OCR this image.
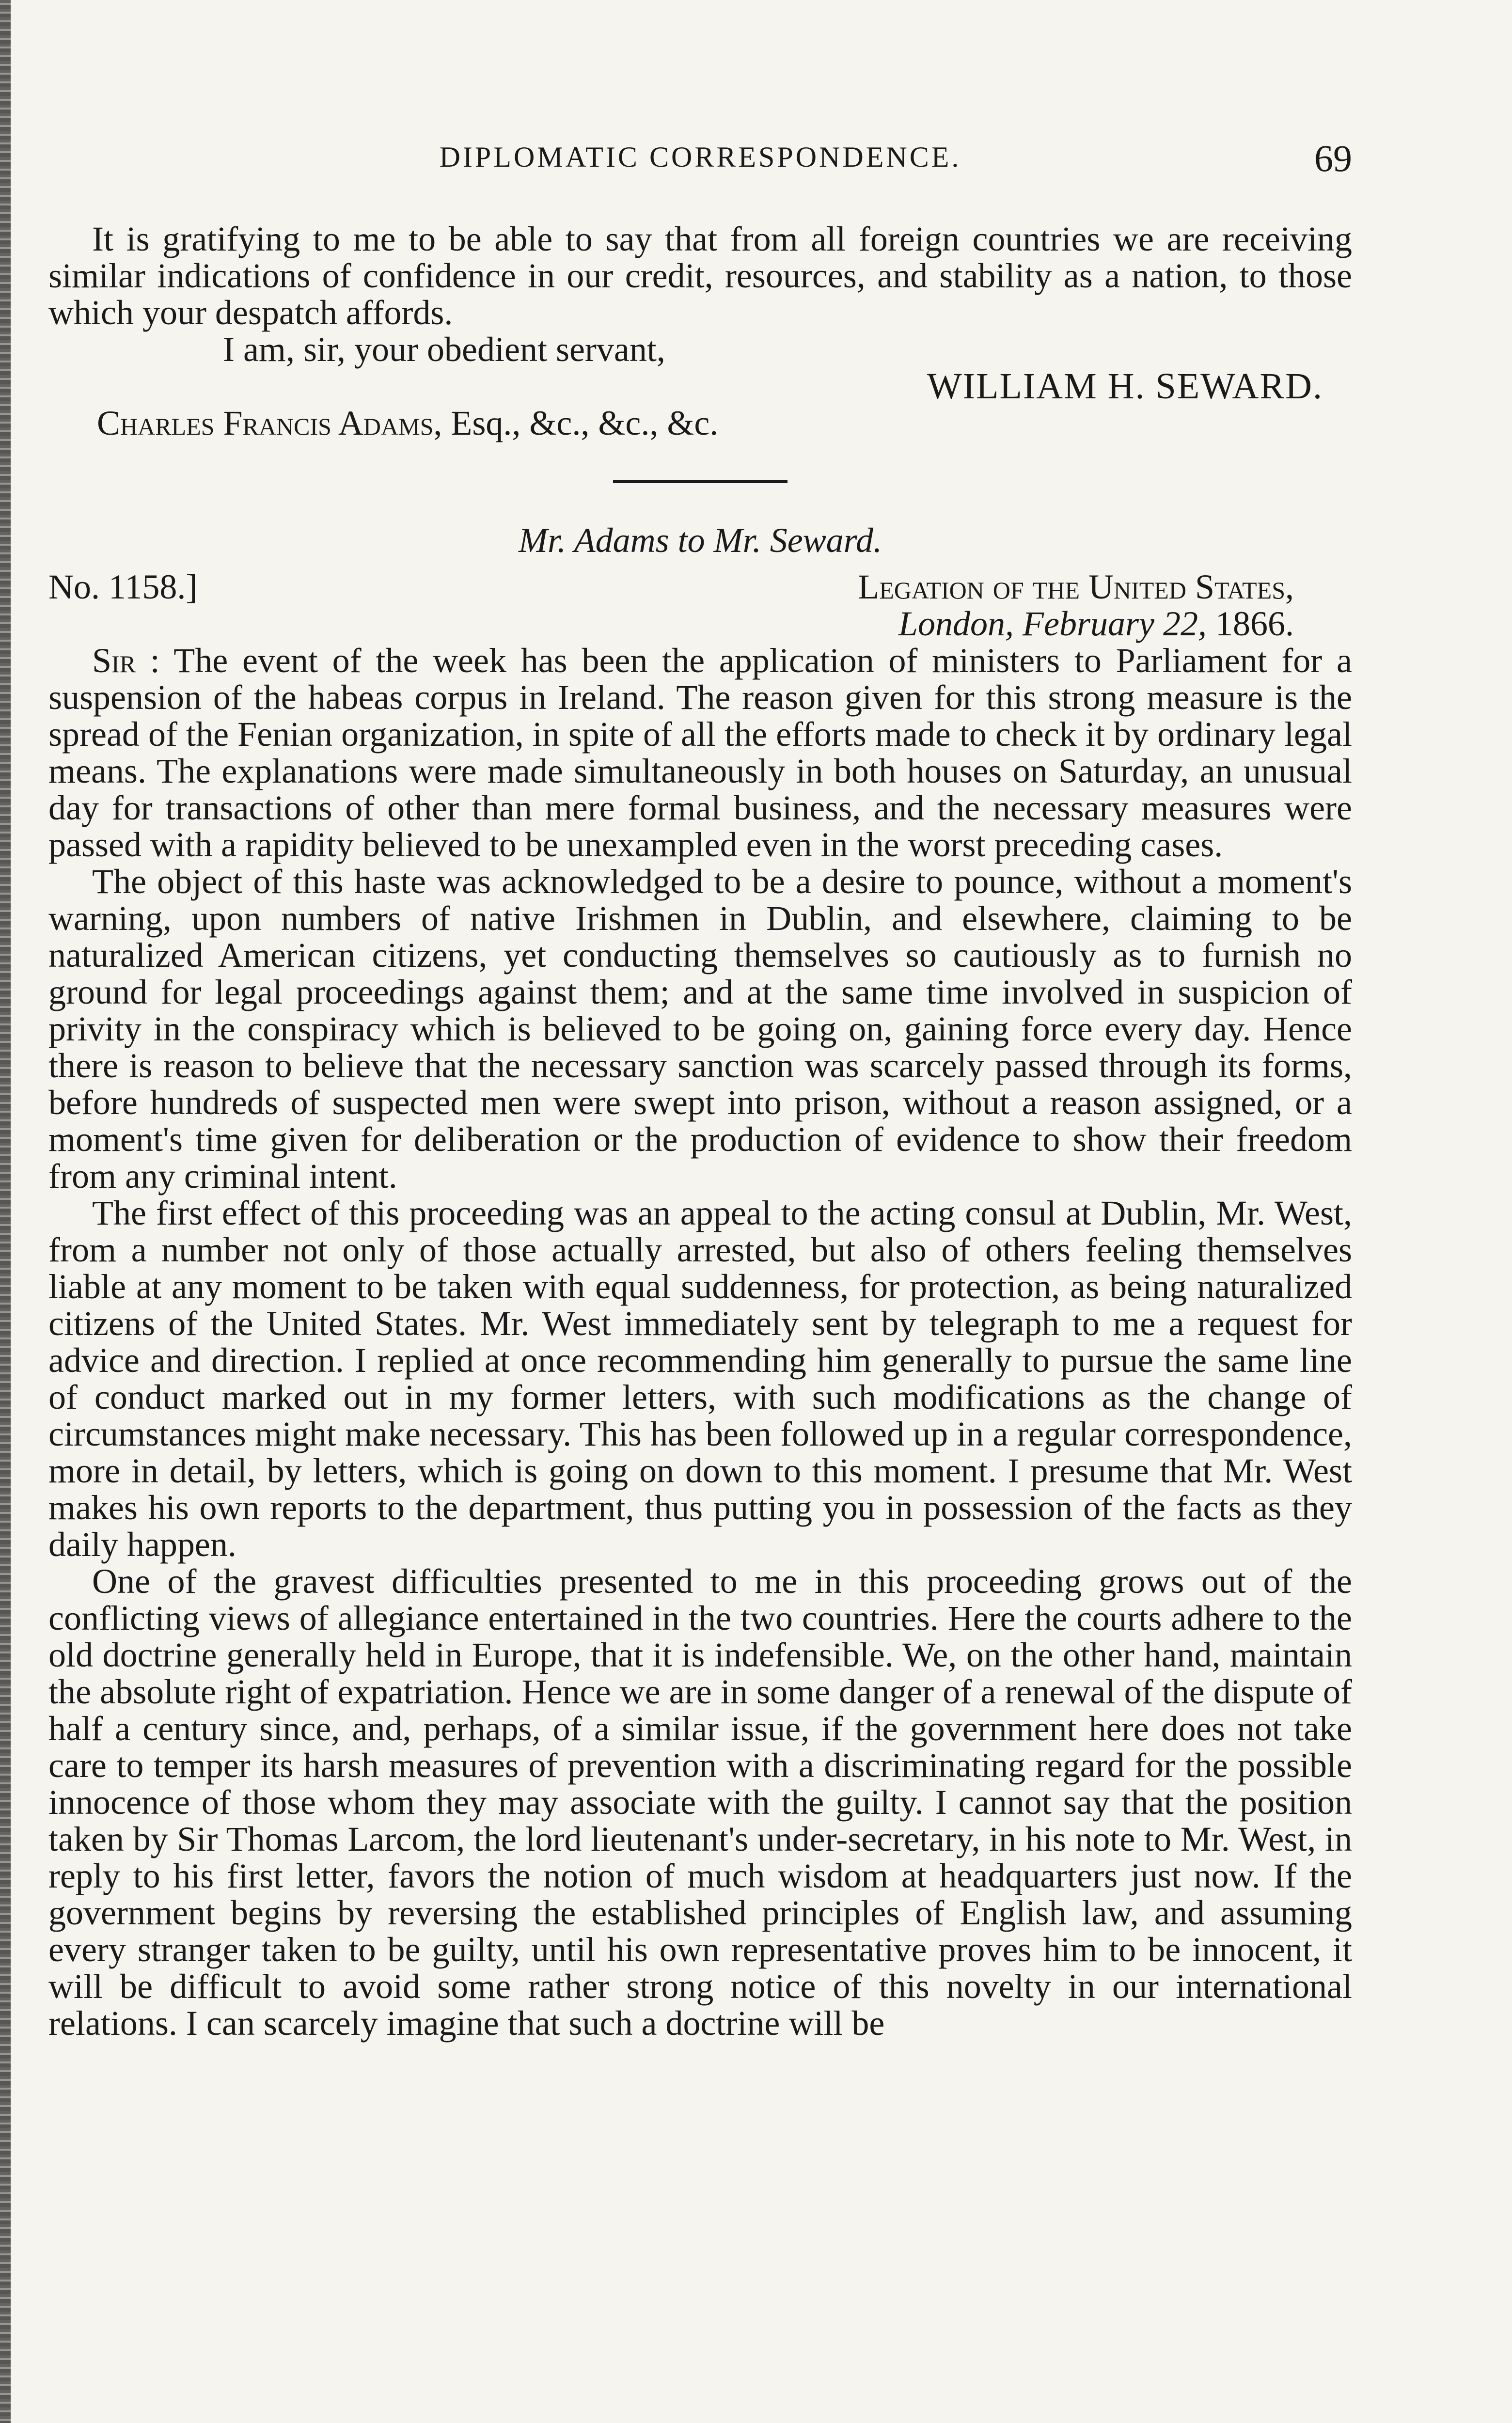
DIPLOMATIC CORRESPONDENCE.	69

It is gratifying to me to be able to say that from all foreign countries we are receiving similar indications of confidence in our credit, resources, and stability as a nation, to those which your despatch affords.

I am, sir, your obedient servant,

WILLIAM H. SEWARD.
Charles Francis Adams, Esq., &c., &c., &c.
Mr. Adams to Mr. Seward.
No. 1158.]	Legation of the United States,
London, February 22, 1866.

Sir : The event of the week has been the application of ministers to Parliament for a suspension of the habeas corpus in Ireland. The reason given for this strong measure is the spread of the Fenian organization, in spite of all the efforts made to check it by ordinary legal means. The explanations were made simultaneously in both houses on Saturday, an unusual day for transactions of other than mere formal business, and the necessary measures were passed with a rapidity believed to be unexampled even in the worst preceding cases.

The object of this haste was acknowledged to be a desire to pounce, without a moment's warning, upon numbers of native Irishmen in Dublin, and elsewhere, claiming to be naturalized American citizens, yet conducting themselves so cautiously as to furnish no ground for legal proceedings against them; and at the same time involved in suspicion of privity in the conspiracy which is believed to be going on, gaining force every day. Hence there is reason to believe that the necessary sanction was scarcely passed through its forms, before hundreds of suspected men were swept into prison, without a reason assigned, or a moment's time given for deliberation or the production of evidence to show their freedom from any criminal intent.

The first effect of this proceeding was an appeal to the acting consul at Dublin, Mr. West, from a number not only of those actually arrested, but also of others feeling themselves liable at any moment to be taken with equal suddenness, for protection, as being naturalized citizens of the United States. Mr. West immediately sent by telegraph to me a request for advice and direction. I replied at once recommending him generally to pursue the same line of conduct marked out in my former letters, with such modifications as the change of circumstances might make necessary. This has been followed up in a regular correspondence, more in detail, by letters, which is going on down to this moment. I presume that Mr. West makes his own reports to the department, thus putting you in possession of the facts as they daily happen.

One of the gravest difficulties presented to me in this proceeding grows out of the conflicting views of allegiance entertained in the two countries. Here the courts adhere to the old doctrine generally held in Europe, that it is indefensible. We, on the other hand, maintain the absolute right of expatriation. Hence we are in some danger of a renewal of the dispute of half a century since, and, perhaps, of a similar issue, if the government here does not take care to temper its harsh measures of prevention with a discriminating regard for the possible innocence of those whom they may associate with the guilty. I cannot say that the position taken by Sir Thomas Larcom, the lord lieutenant's under-secretary, in his note to Mr. West, in reply to his first letter, favors the notion of much wisdom at headquarters just now. If the government begins by reversing the established principles of English law, and assuming every stranger taken to be guilty, until his own representative proves him to be innocent, it will be difficult to avoid some rather strong notice of this novelty in our international relations. I can scarcely imagine that such a doctrine will be
